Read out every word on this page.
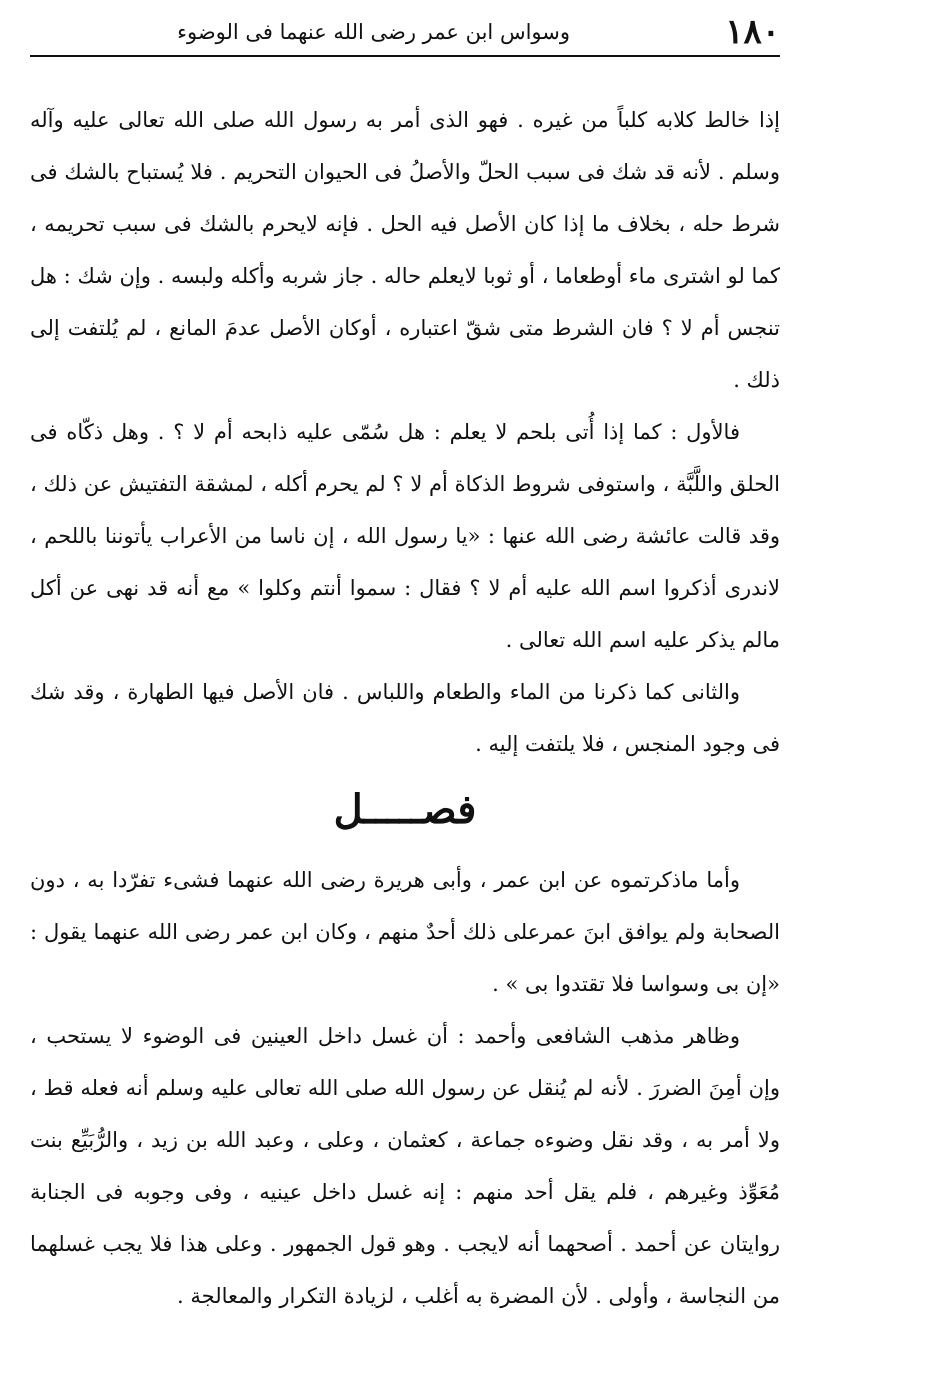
١٨٠
وسواس ابن عمر رضى الله عنهما فى الوضوء

إذا خالط كلابه كلباً من غيره . فهو الذى أمر به رسول الله صلى الله تعالى عليه وآله وسلم . لأنه قد شك فى سبب الحلّ والأصلُ فى الحيوان التحريم . فلا يُستباح بالشك فى شرط حله ، بخلاف ما إذا كان الأصل فيه الحل . فإنه لايحرم بالشك فى سبب تحريمه ، كما لو اشترى ماء أوطعاما ، أو ثوبا لايعلم حاله . جاز شربه وأكله ولبسه . وإن شك : هل تنجس أم لا ؟ فان الشرط متى شقّ اعتباره ، أوكان الأصل عدمَ المانع ، لم يُلتفت إلى ذلك .

فالأول : كما إذا أُتى بلحم لا يعلم : هل سُمّى عليه ذابحه أم لا ؟ . وهل ذكّاه فى الحلق واللَّبَّة ، واستوفى شروط الذكاة أم لا ؟ لم يحرم أكله ، لمشقة التفتيش عن ذلك ، وقد قالت عائشة رضى الله عنها : «يا رسول الله ، إن ناسا من الأعراب يأتوننا باللحم ، لاندرى أذكروا اسم الله عليه أم لا ؟ فقال : سموا أنتم وكلوا » مع أنه قد نهى عن أكل مالم يذكر عليه اسم الله تعالى .

والثانى كما ذكرنا من الماء والطعام واللباس . فان الأصل فيها الطهارة ، وقد شك فى وجود المنجس ، فلا يلتفت إليه .

فصـــــل

وأما ماذكرتموه عن ابن عمر ، وأبى هريرة رضى الله عنهما فشىء تفرّدا به ، دون الصحابة ولم يوافق ابنَ عمرعلى ذلك أحدٌ منهم ، وكان ابن عمر رضى الله عنهما يقول : «إن بى وسواسا فلا تقتدوا بى » .

وظاهر مذهب الشافعى وأحمد : أن غسل داخل العينين فى الوضوء لا يستحب ، وإن أمِنَ الضررَ . لأنه لم يُنقل عن رسول الله صلى الله تعالى عليه وسلم أنه فعله قط ، ولا أمر به ، وقد نقل وضوءه جماعة ، كعثمان ، وعلى ، وعبد الله بن زيد ، والرُّبَيِّع بنت مُعَوِّذ وغيرهم ، فلم يقل أحد منهم : إنه غسل داخل عينيه ، وفى وجوبه فى الجنابة روايتان عن أحمد . أصحهما أنه لايجب . وهو قول الجمهور . وعلى هذا فلا يجب غسلهما من النجاسة ، وأولى . لأن المضرة به أغلب ، لزيادة التكرار والمعالجة .
